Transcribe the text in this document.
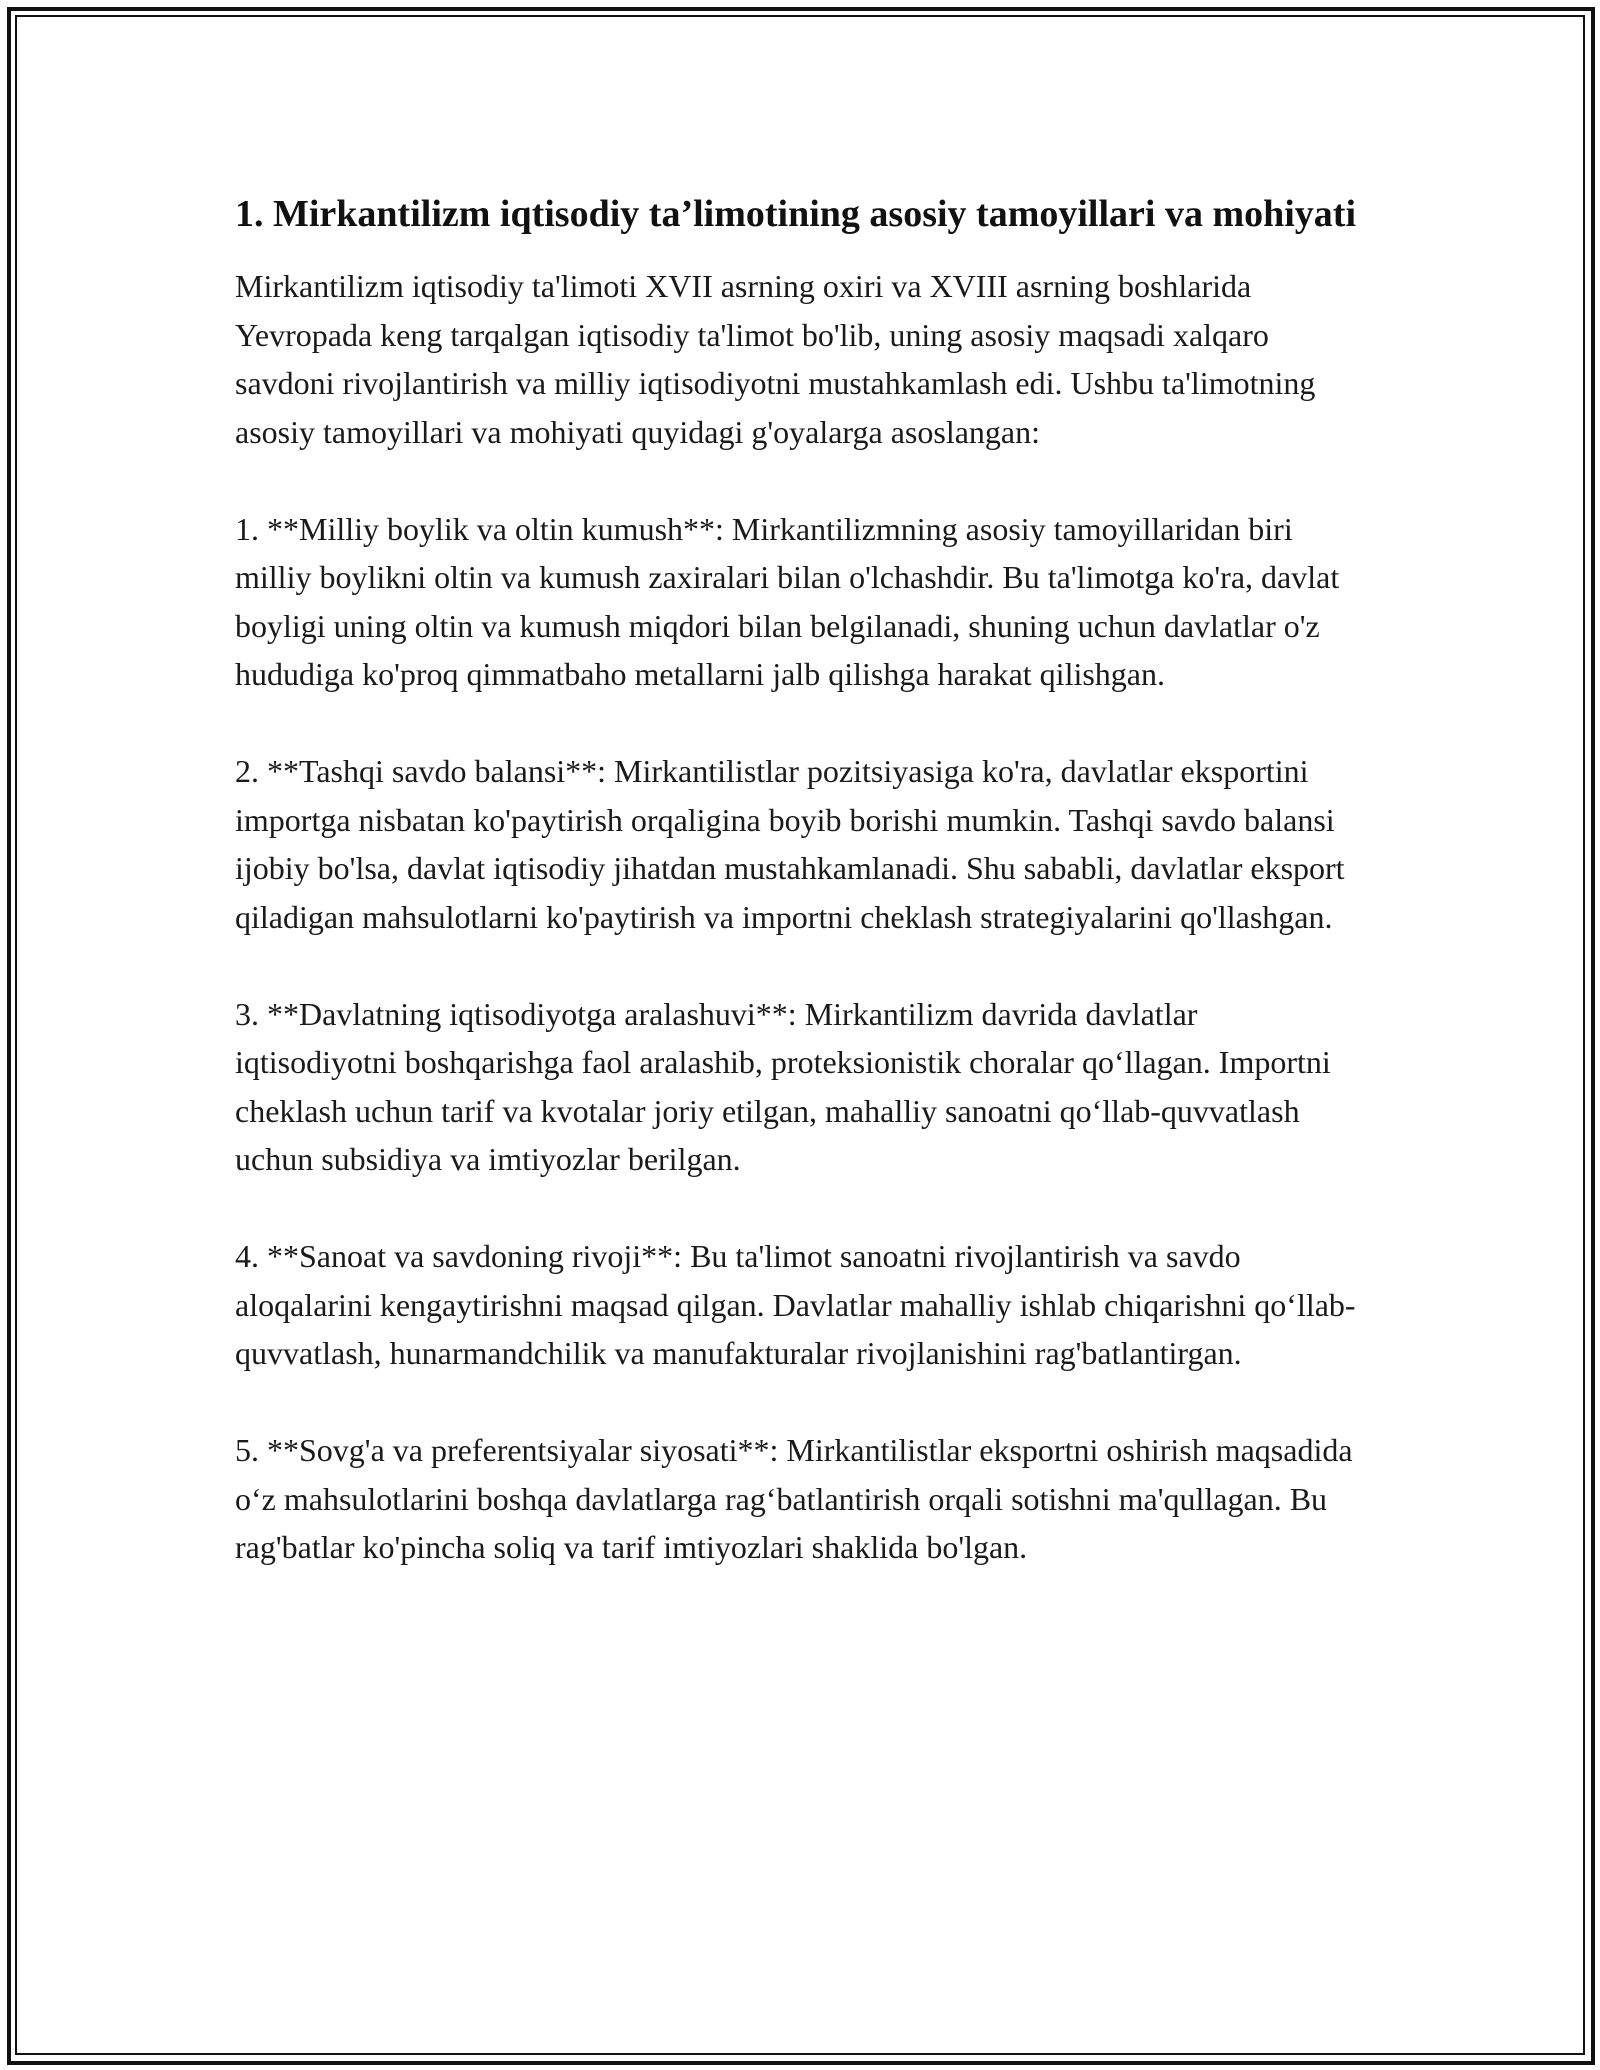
1. Mirkantilizm iqtisodiy ta’limotining asosiy tamoyillari va mohiyati

Mirkantilizm iqtisodiy ta'limoti XVII asrning oxiri va XVIII asrning boshlarida Yevropada keng tarqalgan iqtisodiy ta'limot bo'lib, uning asosiy maqsadi xalqaro savdoni rivojlantirish va milliy iqtisodiyotni mustahkamlash edi. Ushbu ta'limotning asosiy tamoyillari va mohiyati quyidagi g'oyalarga asoslangan:

1. **Milliy boylik va oltin kumush**: Mirkantilizmning asosiy tamoyillaridan biri milliy boylikni oltin va kumush zaxiralari bilan o'lchashdir. Bu ta'limotga ko'ra, davlat boyligi uning oltin va kumush miqdori bilan belgilanadi, shuning uchun davlatlar o'z hududiga ko'proq qimmatbaho metallarni jalb qilishga harakat qilishgan.

2. **Tashqi savdo balansi**: Mirkantilistlar pozitsiyasiga ko'ra, davlatlar eksportini importga nisbatan ko'paytirish orqaligina boyib borishi mumkin. Tashqi savdo balansi ijobiy bo'lsa, davlat iqtisodiy jihatdan mustahkamlanadi. Shu sababli, davlatlar eksport qiladigan mahsulotlarni ko'paytirish va importni cheklash strategiyalarini qo'llashgan.

3. **Davlatning iqtisodiyotga aralashuvi**: Mirkantilizm davrida davlatlar iqtisodiyotni boshqarishga faol aralashib, proteksionistik choralar qo‘llagan. Importni cheklash uchun tarif va kvotalar joriy etilgan, mahalliy sanoatni qo‘llab-quvvatlash uchun subsidiya va imtiyozlar berilgan.

4. **Sanoat va savdoning rivoji**: Bu ta'limot sanoatni rivojlantirish va savdo aloqalarini kengaytirishni maqsad qilgan. Davlatlar mahalliy ishlab chiqarishni qo‘llab-quvvatlash, hunarmandchilik va manufakturalar rivojlanishini rag'batlantirgan.

5. **Sovg'a va preferentsiyalar siyosati**: Mirkantilistlar eksportni oshirish maqsadida o‘z mahsulotlarini boshqa davlatlarga rag‘batlantirish orqali sotishni ma'qullagan. Bu rag'batlar ko'pincha soliq va tarif imtiyozlari shaklida bo'lgan.
